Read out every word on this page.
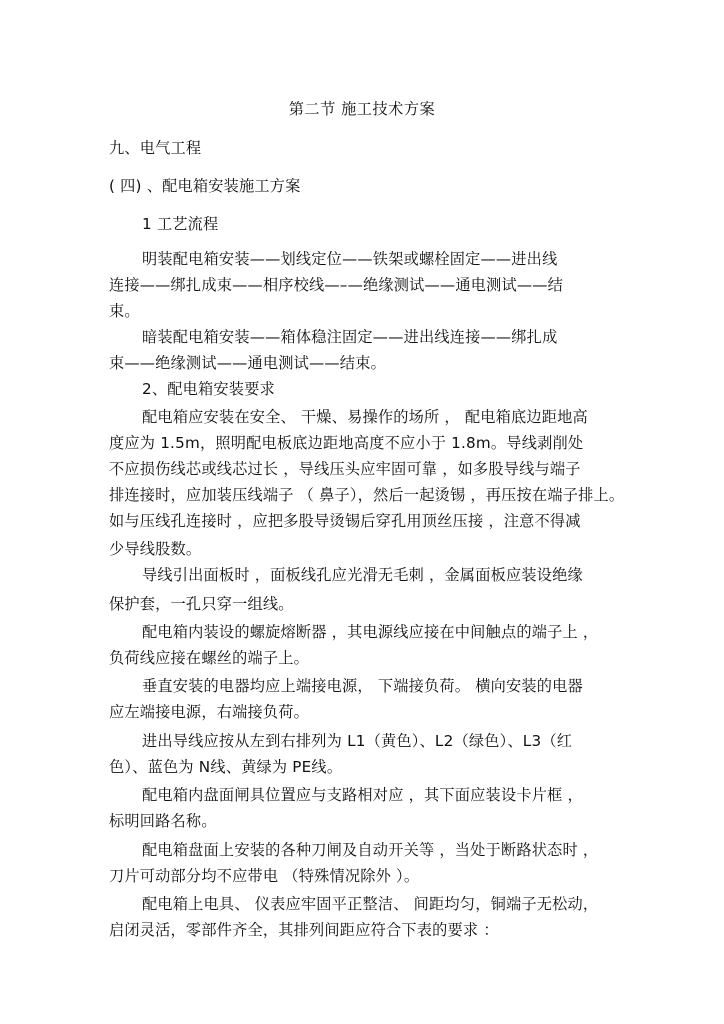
第二节 施工技术方案
九、电气工程
( 四) 、配电箱安装施工方案
1 工艺流程
明装配电箱安装——划线定位——铁架或螺栓固定——进出线
连接——绑扎成束——相序校线—–—绝缘测试——通电测试——结
束。
暗装配电箱安装——箱体稳注固定——进出线连接——绑扎成
束——绝缘测试——通电测试——结束。
2、配电箱安装要求
配电箱应安装在安全、 干燥、易操作的场所 ， 配电箱底边距地高
度应为 1.5m，照明配电板底边距地高度不应小于 1.8m。导线剥削处
不应损伤线芯或线芯过长 ，导线压头应牢固可靠 ，如多股导线与端子
排连接时，应加装压线端子 （ 鼻子），然后一起烫锡 ，再压按在端子排上。
如与压线孔连接时 ，应把多股导烫锡后穿孔用顶丝压接 ，注意不得减
少导线股数。
导线引出面板时 ，面板线孔应光滑无毛刺 ，金属面板应装设绝缘
保护套，一孔只穿一组线。
配电箱内装设的螺旋熔断器 ，其电源线应接在中间触点的端子上 ，
负荷线应接在螺丝的端子上。
垂直安装的电器均应上端接电源， 下端接负荷。 横向安装的电器
应左端接电源，右端接负荷。
进出导线应按从左到右排列为 L1（黄色）、L2（绿色）、L3（红
色）、蓝色为 N线、黄绿为 PE线。
配电箱内盘面闸具位置应与支路相对应 ，其下面应装设卡片框 ，
标明回路名称。
配电箱盘面上安装的各种刀闸及自动开关等 ，当处于断路状态时 ，
刀片可动部分均不应带电 （特殊情况除外 ）。
配电箱上电具、 仪表应牢固平正整洁、 间距均匀，铜端子无松动，
启闭灵活，零部件齐全，其排列间距应符合下表的要求 ：
